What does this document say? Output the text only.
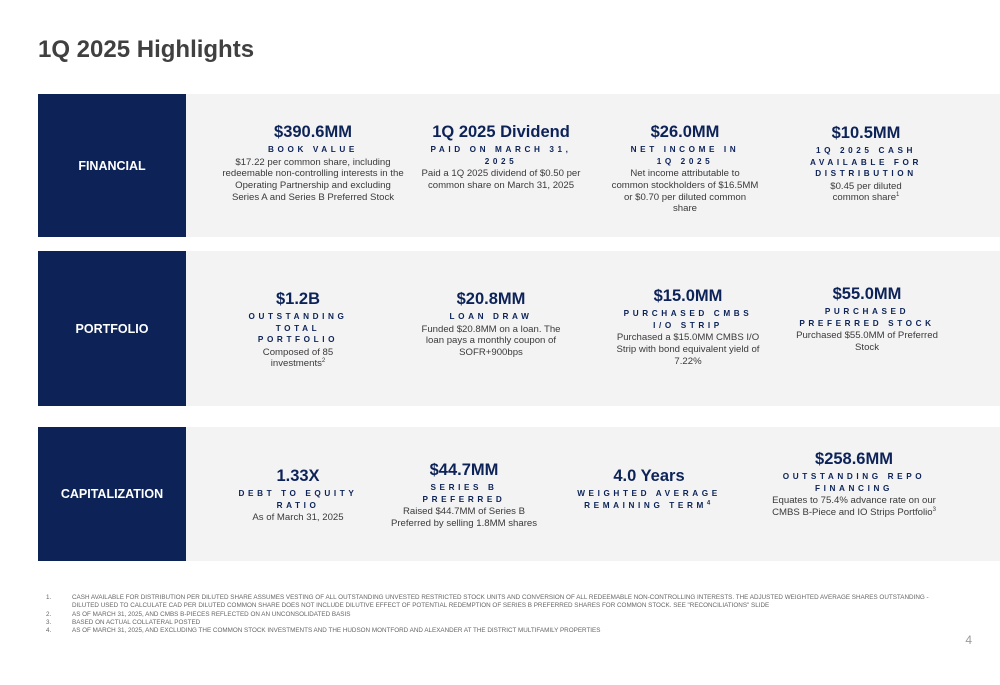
1Q 2025 Highlights
FINANCIAL
$390.6MM
BOOK VALUE
$17.22 per common share, including redeemable non-controlling interests in the Operating Partnership and excluding Series A and Series B Preferred Stock
1Q 2025 Dividend
PAID ON MARCH 31, 2025
Paid a 1Q 2025 dividend of $0.50 per common share on March 31, 2025
$26.0MM
NET INCOME IN 1Q 2025
Net income attributable to common stockholders of $16.5MM or $0.70 per diluted common share
$10.5MM
1Q 2025 CASH AVAILABLE FOR DISTRIBUTION
$0.45 per diluted common share$^1$
PORTFOLIO
$1.2B
OUTSTANDING TOTAL PORTFOLIO
Composed of 85 investments$^2$
$20.8MM
LOAN DRAW
Funded $20.8MM on a loan. The loan pays a monthly coupon of SOFR+900bps
$15.0MM
PURCHASED CMBS I/O STRIP
Purchased a $15.0MM CMBS I/O Strip with bond equivalent yield of 7.22%
$55.0MM
PURCHASED PREFERRED STOCK
Purchased $55.0MM of Preferred Stock
CAPITALIZATION
1.33X
DEBT TO EQUITY RATIO
As of March 31, 2025
$44.7MM
SERIES B PREFERRED
Raised $44.7MM of Series B Preferred by selling 1.8MM shares
4.0 Years
WEIGHTED AVERAGE REMAINING TERM$^4$
$258.6MM
OUTSTANDING REPO FINANCING
Equates to 75.4% advance rate on our CMBS B-Piece and IO Strips Portfolio$^3$
1.	CASH AVAILABLE FOR DISTRIBUTION PER DILUTED SHARE ASSUMES VESTING OF ALL OUTSTANDING UNVESTED RESTRICTED STOCK UNITS AND CONVERSION OF ALL REDEEMABLE NON-CONTROLLING INTERESTS. THE ADJUSTED WEIGHTED AVERAGE SHARES OUTSTANDING - DILUTED USED TO CALCULATE CAD PER DILUTED COMMON SHARE DOES NOT INCLUDE DILUTIVE EFFECT OF POTENTIAL REDEMPTION OF SERIES B PREFERRED SHARES FOR COMMON STOCK. SEE "RECONCILIATIONS" SLIDE
2.	AS OF MARCH 31, 2025, AND CMBS B-PIECES REFLECTED ON AN UNCONSOLIDATED BASIS
3.	BASED ON ACTUAL COLLATERAL POSTED
4.	AS OF MARCH 31, 2025, AND EXCLUDING THE COMMON STOCK INVESTMENTS AND THE HUDSON MONTFORD AND ALEXANDER AT THE DISTRICT MULTIFAMILY PROPERTIES
4
